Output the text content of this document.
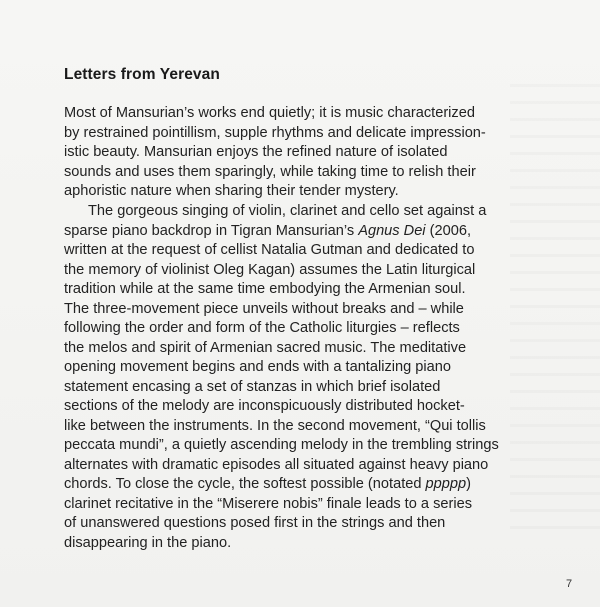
Letters from Yerevan

Most of Mansurian’s works end quietly; it is music characterized
by restrained pointillism, supple rhythms and delicate impression-
istic beauty. Mansurian enjoys the refined nature of isolated
sounds and uses them sparingly, while taking time to relish their
aphoristic nature when sharing their tender mystery.

The gorgeous singing of violin, clarinet and cello set against a
sparse piano backdrop in Tigran Mansurian’s Agnus Dei (2006,
written at the request of cellist Natalia Gutman and dedicated to
the memory of violinist Oleg Kagan) assumes the Latin liturgical
tradition while at the same time embodying the Armenian soul.
The three-movement piece unveils without breaks and – while
following the order and form of the Catholic liturgies – reflects
the melos and spirit of Armenian sacred music. The meditative
opening movement begins and ends with a tantalizing piano
statement encasing a set of stanzas in which brief isolated
sections of the melody are inconspicuously distributed hocket-
like between the instruments. In the second movement, “Qui tollis
peccata mundi”, a quietly ascending melody in the trembling strings
alternates with dramatic episodes all situated against heavy piano
chords. To close the cycle, the softest possible (notated ppppp)
clarinet recitative in the “Miserere nobis” finale leads to a series
of unanswered questions posed first in the strings and then
disappearing in the piano.

7
